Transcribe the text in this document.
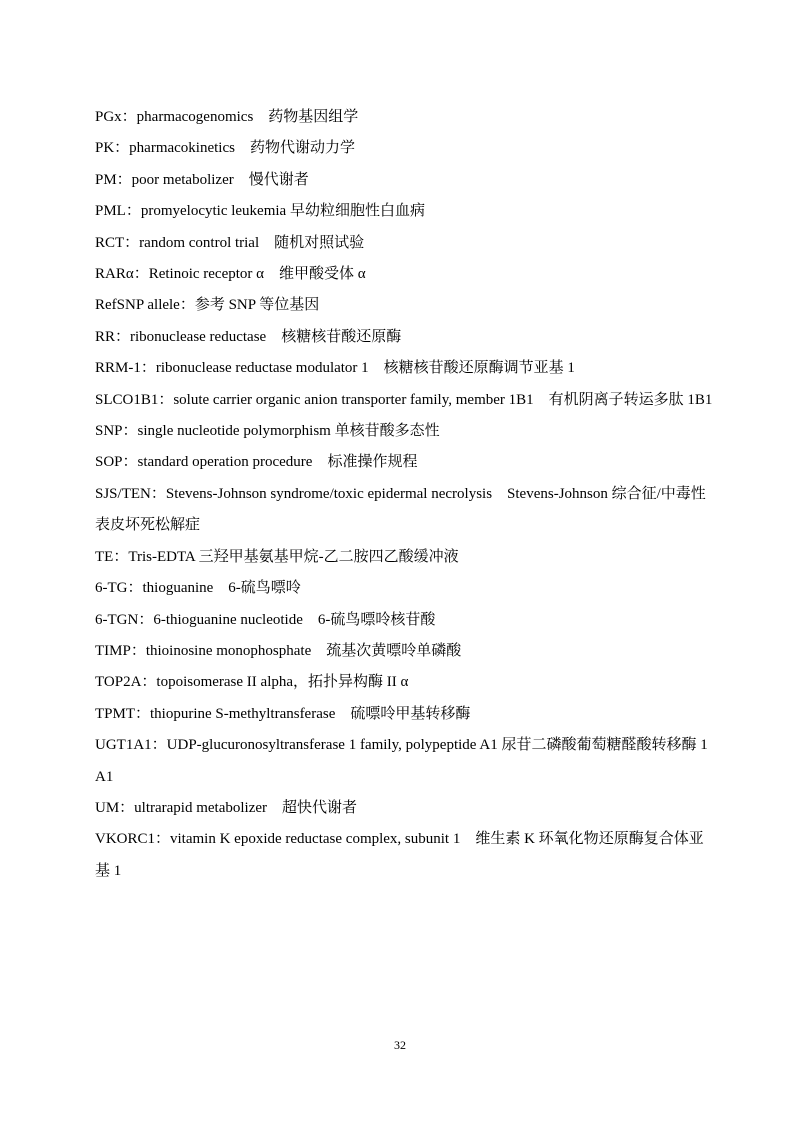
PGx：pharmacogenomics　药物基因组学

PK：pharmacokinetics　药物代谢动力学

PM：poor metabolizer　慢代谢者

PML：promyelocytic leukemia 早幼粒细胞性白血病

RCT：random control trial　随机对照试验

RARα：Retinoic receptor α　维甲酸受体 α

RefSNP allele：参考 SNP 等位基因

RR：ribonuclease reductase　核糖核苷酸还原酶

RRM-1：ribonuclease reductase modulator 1　核糖核苷酸还原酶调节亚基 1

SLCO1B1：solute carrier organic anion transporter family, member 1B1　有机阴离子转运多肽 1B1

SNP：single nucleotide polymorphism 单核苷酸多态性

SOP：standard operation procedure　标准操作规程

SJS/TEN：Stevens-Johnson syndrome/toxic epidermal necrolysis　Stevens-Johnson 综合征/中毒性表皮坏死松解症

TE：Tris-EDTA 三羟甲基氨基甲烷-乙二胺四乙酸缓冲液

6-TG：thioguanine　6-硫鸟嘌呤

6-TGN：6-thioguanine nucleotide　6-硫鸟嘌呤核苷酸

TIMP：thioinosine monophosphate　巯基次黄嘌呤单磷酸

TOP2A：topoisomerase II alpha，拓扑异构酶 II α

TPMT：thiopurine S-methyltransferase　硫嘌呤甲基转移酶

UGT1A1：UDP-glucuronosyltransferase 1 family, polypeptide A1 尿苷二磷酸葡萄糖醛酸转移酶 1A1

UM：ultrarapid metabolizer　超快代谢者

VKORC1：vitamin K epoxide reductase complex, subunit 1　维生素 K 环氧化物还原酶复合体亚基 1

32
